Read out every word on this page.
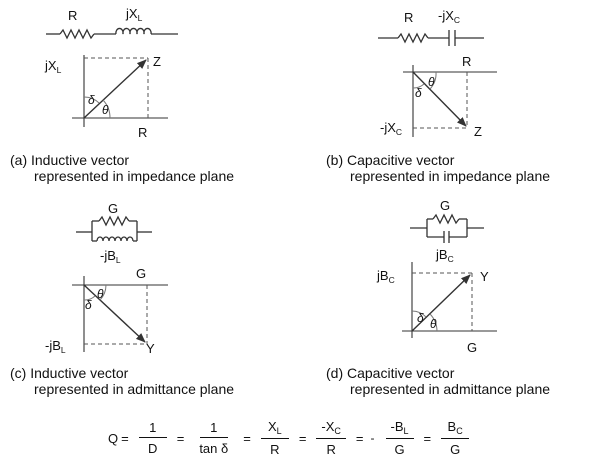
R	$jX_L$
$jX_L$
Z
δ
θ
R
R $-jX_C$
R
δ
θ
$-jX_C$	Z
G
$-jB_L$
G
δ
θ
$-jB_L$	Y
G
$jB_C$
$jB_C$	Y
δ θ
G
(a) Inductive vector
represented in impedance plane
(b) Capacitive vector
represented in impedance plane
(c) Inductive vector
represented in admittance plane
(d) Capacitive vector
represented in admittance plane
$Q = \frac{1}{D} = \frac{1}{\text{tan δ}} = \frac{X_L}{R} = \frac{-X_C}{R}$ = - $\frac{-B_L}{G} = \frac{B_C}{G}$
